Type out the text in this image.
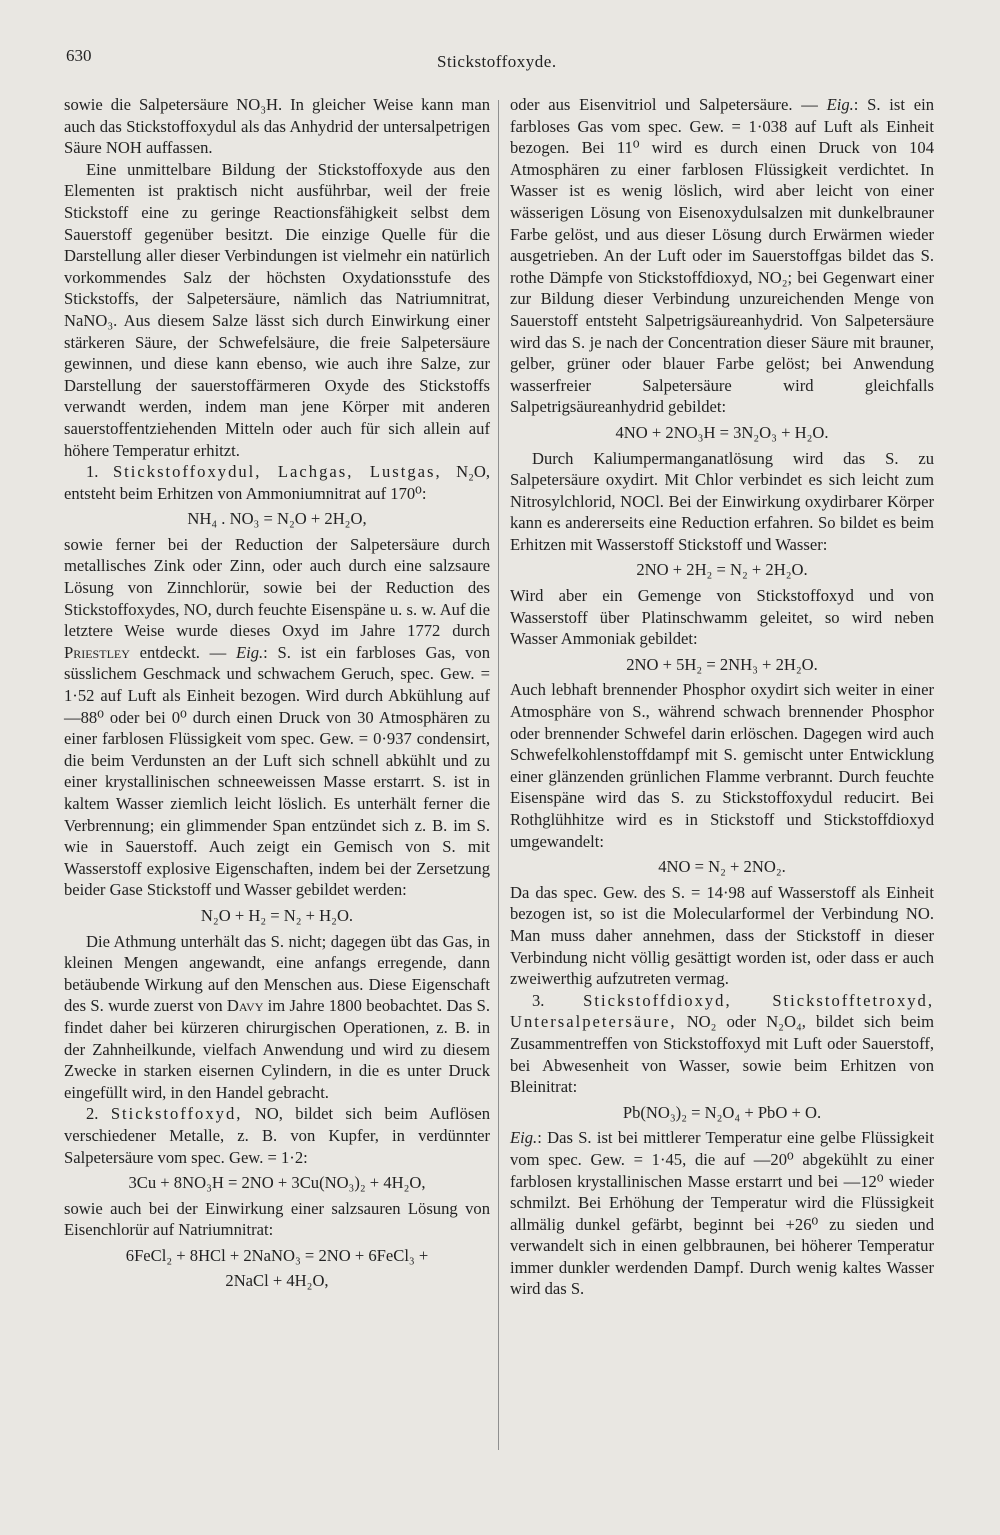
630	Stickstoffoxyde.

sowie die Salpetersäure NO₃H. In gleicher Weise kann man auch das Stickstoffoxydul als das Anhydrid der untersalpetrigen Säure NOH auffassen.

Eine unmittelbare Bildung der Stickstoffoxyde aus den Elementen ist praktisch nicht ausführbar, weil der freie Stickstoff eine zu geringe Reactionsfähigkeit selbst dem Sauerstoff gegenüber besitzt. Die einzige Quelle für die Darstellung aller dieser Verbindungen ist vielmehr ein natürlich vorkommendes Salz der höchsten Oxydationsstufe des Stickstoffs, der Salpetersäure, nämlich das Natriumnitrat, NaNO₃. Aus diesem Salze lässt sich durch Einwirkung einer stärkeren Säure, der Schwefelsäure, die freie Salpetersäure gewinnen, und diese kann ebenso, wie auch ihre Salze, zur Darstellung der sauerstoffärmeren Oxyde des Stickstoffs verwandt werden, indem man jene Körper mit anderen sauerstoffentziehenden Mitteln oder auch für sich allein auf höhere Temperatur erhitzt.

1. Stickstoffoxydul, Lachgas, Lustgas, N₂O, entsteht beim Erhitzen von Ammoniumnitrat auf 170⁰:

NH₄ . NO₃ = N₂O + 2H₂O,

sowie ferner bei der Reduction der Salpetersäure durch metallisches Zink oder Zinn, oder auch durch eine salzsaure Lösung von Zinnchlorür, sowie bei der Reduction des Stickstoffoxydes, NO, durch feuchte Eisenspäne u. s. w. Auf die letztere Weise wurde dieses Oxyd im Jahre 1772 durch Priestley entdeckt. — Eig.: S. ist ein farbloses Gas, von süsslichem Geschmack und schwachem Geruch, spec. Gew. = 1·52 auf Luft als Einheit bezogen. Wird durch Abkühlung auf —88⁰ oder bei 0⁰ durch einen Druck von 30 Atmosphären zu einer farblosen Flüssigkeit vom spec. Gew. = 0·937 condensirt, die beim Verdunsten an der Luft sich schnell abkühlt und zu einer krystallinischen schneeweissen Masse erstarrt. S. ist in kaltem Wasser ziemlich leicht löslich. Es unterhält ferner die Verbrennung; ein glimmender Span entzündet sich z. B. im S. wie in Sauerstoff. Auch zeigt ein Gemisch von S. mit Wasserstoff explosive Eigenschaften, indem bei der Zersetzung beider Gase Stickstoff und Wasser gebildet werden:

N₂O + H₂ = N₂ + H₂O.

Die Athmung unterhält das S. nicht; dagegen übt das Gas, in kleinen Mengen angewandt, eine anfangs erregende, dann betäubende Wirkung auf den Menschen aus. Diese Eigenschaft des S. wurde zuerst von Davy im Jahre 1800 beobachtet. Das S. findet daher bei kürzeren chirurgischen Operationen, z. B. in der Zahnheilkunde, vielfach Anwendung und wird zu diesem Zwecke in starken eisernen Cylindern, in die es unter Druck eingefüllt wird, in den Handel gebracht.

2. Stickstoffoxyd, NO, bildet sich beim Auflösen verschiedener Metalle, z. B. von Kupfer, in verdünnter Salpetersäure vom spec. Gew. = 1·2:

3Cu + 8NO₃H = 2NO + 3Cu(NO₃)₂ + 4H₂O,

sowie auch bei der Einwirkung einer salzsauren Lösung von Eisenchlorür auf Natriumnitrat:

6FeCl₂ + 8HCl + 2NaNO₃ = 2NO + 6FeCl₃ +

2NaCl + 4H₂O,

oder aus Eisenvitriol und Salpetersäure. — Eig.: S. ist ein farbloses Gas vom spec. Gew. = 1·038 auf Luft als Einheit bezogen. Bei 11⁰ wird es durch einen Druck von 104 Atmosphären zu einer farblosen Flüssigkeit verdichtet. In Wasser ist es wenig löslich, wird aber leicht von einer wässerigen Lösung von Eisenoxydulsalzen mit dunkelbrauner Farbe gelöst, und aus dieser Lösung durch Erwärmen wieder ausgetrieben. An der Luft oder im Sauerstoffgas bildet das S. rothe Dämpfe von Stickstoffdioxyd, NO₂; bei Gegenwart einer zur Bildung dieser Verbindung unzureichenden Menge von Sauerstoff entsteht Salpetrigsäureanhydrid. Von Salpetersäure wird das S. je nach der Concentration dieser Säure mit brauner, gelber, grüner oder blauer Farbe gelöst; bei Anwendung wasserfreier Salpetersäure wird gleichfalls Salpetrigsäureanhydrid gebildet:

4NO + 2NO₃H = 3N₂O₃ + H₂O.

Durch Kaliumpermanganatlösung wird das S. zu Salpetersäure oxydirt. Mit Chlor verbindet es sich leicht zum Nitrosylchlorid, NOCl. Bei der Einwirkung oxydirbarer Körper kann es andererseits eine Reduction erfahren. So bildet es beim Erhitzen mit Wasserstoff Stickstoff und Wasser:

2NO + 2H₂ = N₂ + 2H₂O.

Wird aber ein Gemenge von Stickstoffoxyd und von Wasserstoff über Platinschwamm geleitet, so wird neben Wasser Ammoniak gebildet:

2NO + 5H₂ = 2NH₃ + 2H₂O.

Auch lebhaft brennender Phosphor oxydirt sich weiter in einer Atmosphäre von S., während schwach brennender Phosphor oder brennender Schwefel darin erlöschen. Dagegen wird auch Schwefelkohlenstoffdampf mit S. gemischt unter Entwicklung einer glänzenden grünlichen Flamme verbrannt. Durch feuchte Eisenspäne wird das S. zu Stickstoffoxydul reducirt. Bei Rothglühhitze wird es in Stickstoff und Stickstoffdioxyd umgewandelt:

4NO = N₂ + 2NO₂.

Da das spec. Gew. des S. = 14·98 auf Wasserstoff als Einheit bezogen ist, so ist die Molecularformel der Verbindung NO. Man muss daher annehmen, dass der Stickstoff in dieser Verbindung nicht völlig gesättigt worden ist, oder dass er auch zweiwerthig aufzutreten vermag.

3. Stickstoffdioxyd, Stickstofftetroxyd, Untersalpetersäure, NO₂ oder N₂O₄, bildet sich beim Zusammentreffen von Stickstoffoxyd mit Luft oder Sauerstoff, bei Abwesenheit von Wasser, sowie beim Erhitzen von Bleinitrat:

Pb(NO₃)₂ = N₂O₄ + PbO + O.

Eig.: Das S. ist bei mittlerer Temperatur eine gelbe Flüssigkeit vom spec. Gew. = 1·45, die auf —20⁰ abgekühlt zu einer farblosen krystallinischen Masse erstarrt und bei —12⁰ wieder schmilzt. Bei Erhöhung der Temperatur wird die Flüssigkeit allmälig dunkel gefärbt, beginnt bei +26⁰ zu sieden und verwandelt sich in einen gelbbraunen, bei höherer Temperatur immer dunkler werdenden Dampf. Durch wenig kaltes Wasser wird das S.
